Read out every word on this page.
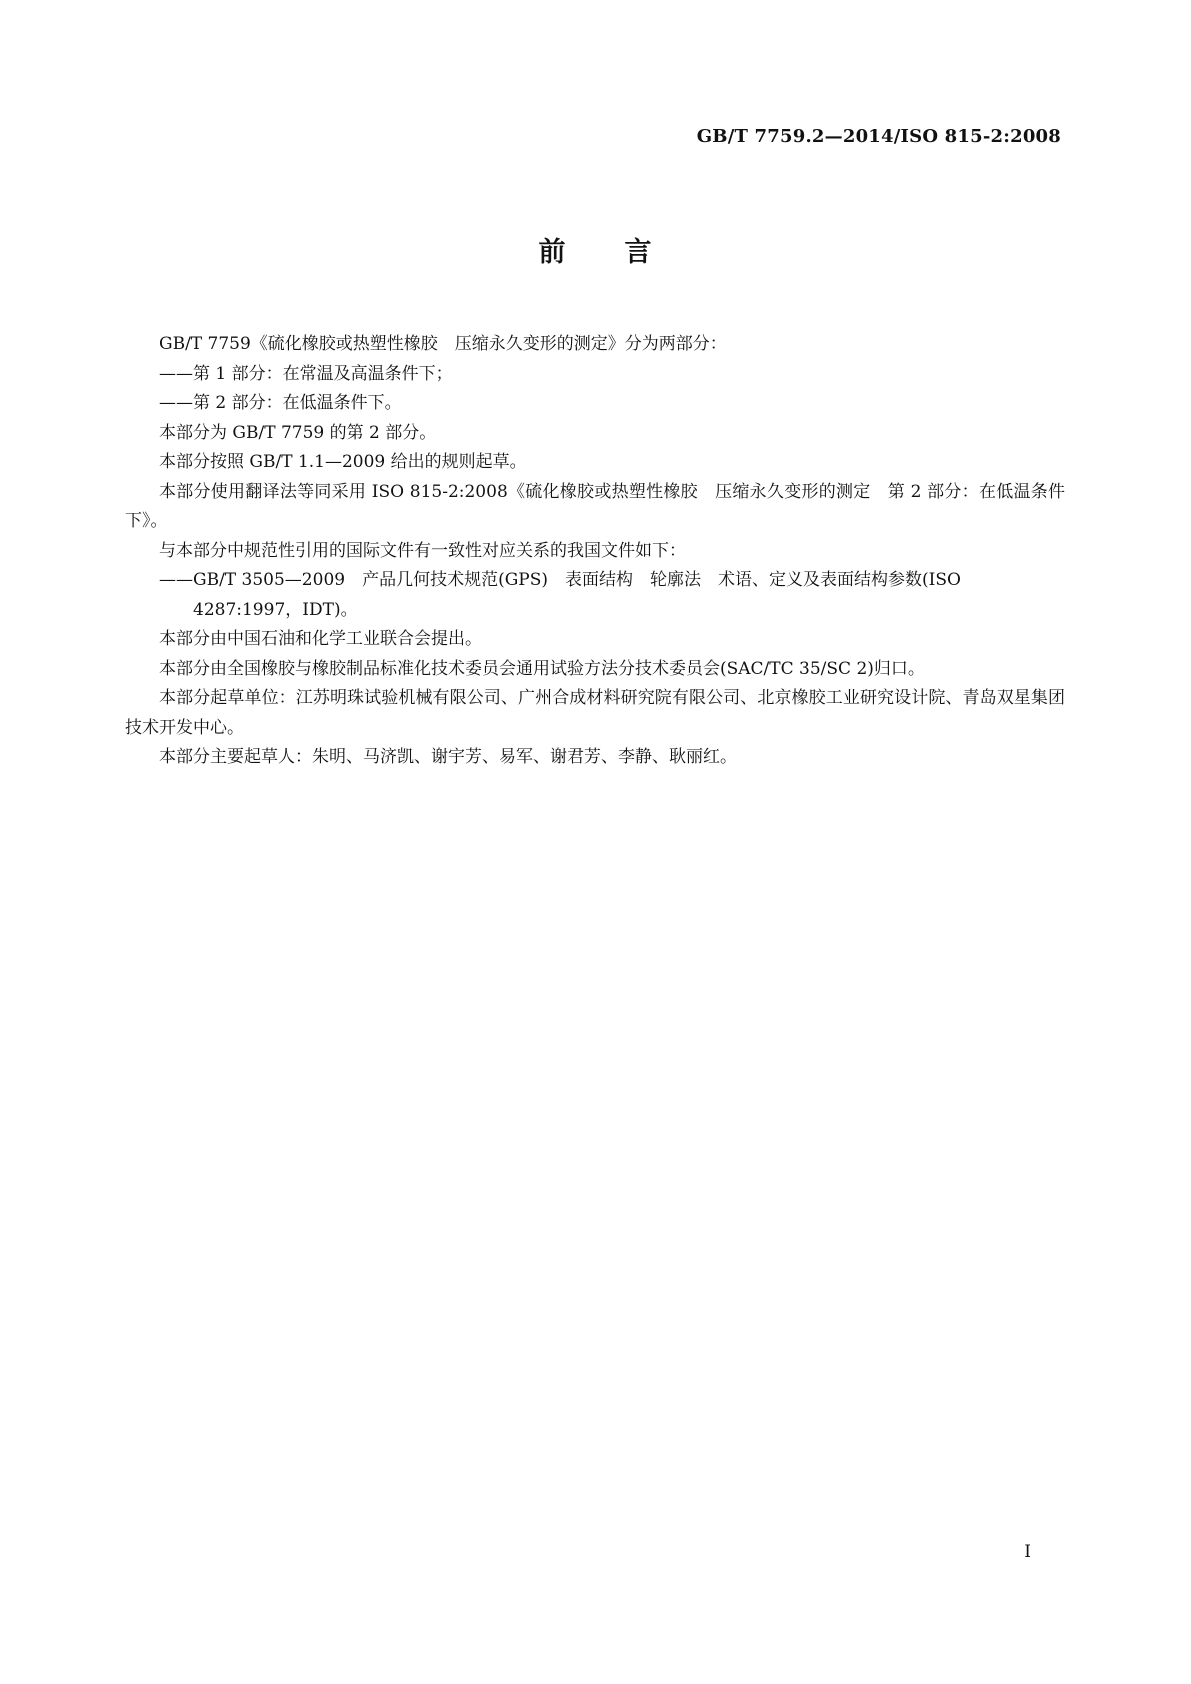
GB/T 7759.2—2014/ISO 815-2:2008
前 言

GB/T 7759《硫化橡胶或热塑性橡胶　压缩永久变形的测定》分为两部分：

——第 1 部分：在常温及高温条件下；

——第 2 部分：在低温条件下。

本部分为 GB/T 7759 的第 2 部分。

本部分按照 GB/T 1.1—2009 给出的规则起草。

本部分使用翻译法等同采用 ISO 815-2:2008《硫化橡胶或热塑性橡胶　压缩永久变形的测定　第 2 部分：在低温条件下》。

与本部分中规范性引用的国际文件有一致性对应关系的我国文件如下：

——GB/T 3505—2009　产品几何技术规范(GPS)　表面结构　轮廓法　术语、定义及表面结构参数(ISO 4287:1997，IDT)。

本部分由中国石油和化学工业联合会提出。

本部分由全国橡胶与橡胶制品标准化技术委员会通用试验方法分技术委员会(SAC/TC 35/SC 2)归口。

本部分起草单位：江苏明珠试验机械有限公司、广州合成材料研究院有限公司、北京橡胶工业研究设计院、青岛双星集团技术开发中心。

本部分主要起草人：朱明、马济凯、谢宇芳、易军、谢君芳、李静、耿丽红。

I
